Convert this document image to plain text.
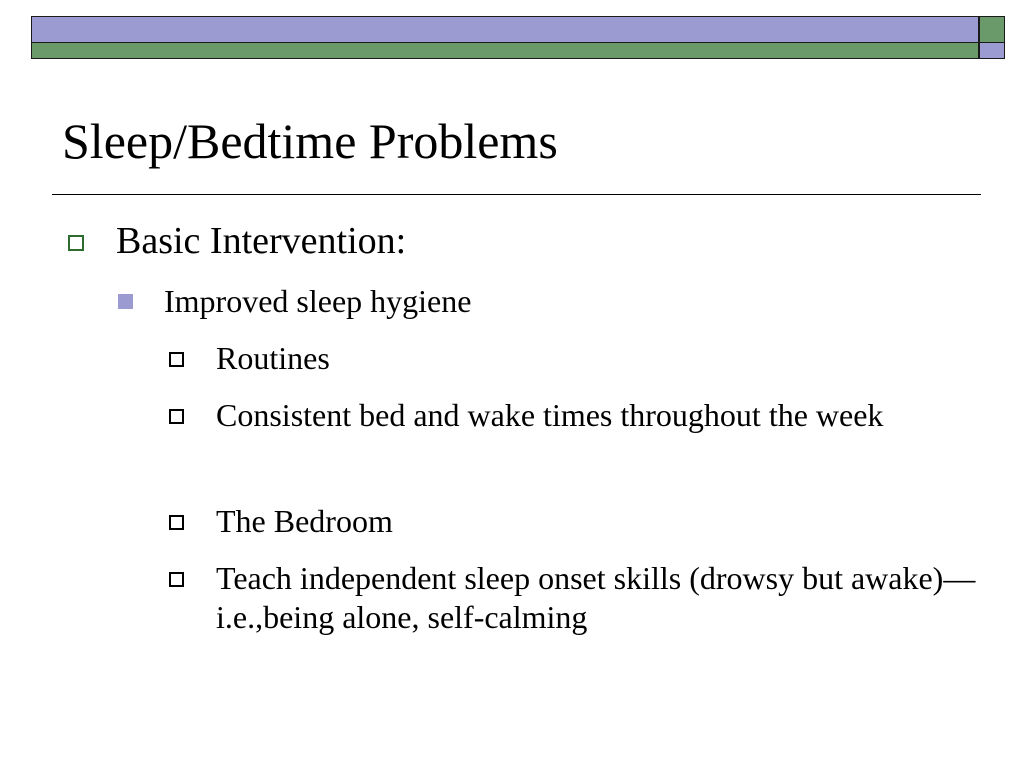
Sleep/Bedtime Problems
Basic Intervention:
Improved sleep hygiene
Routines
Consistent bed and wake times throughout the week
The Bedroom
Teach independent sleep onset skills (drowsy but awake)—i.e.,being alone, self-calming
